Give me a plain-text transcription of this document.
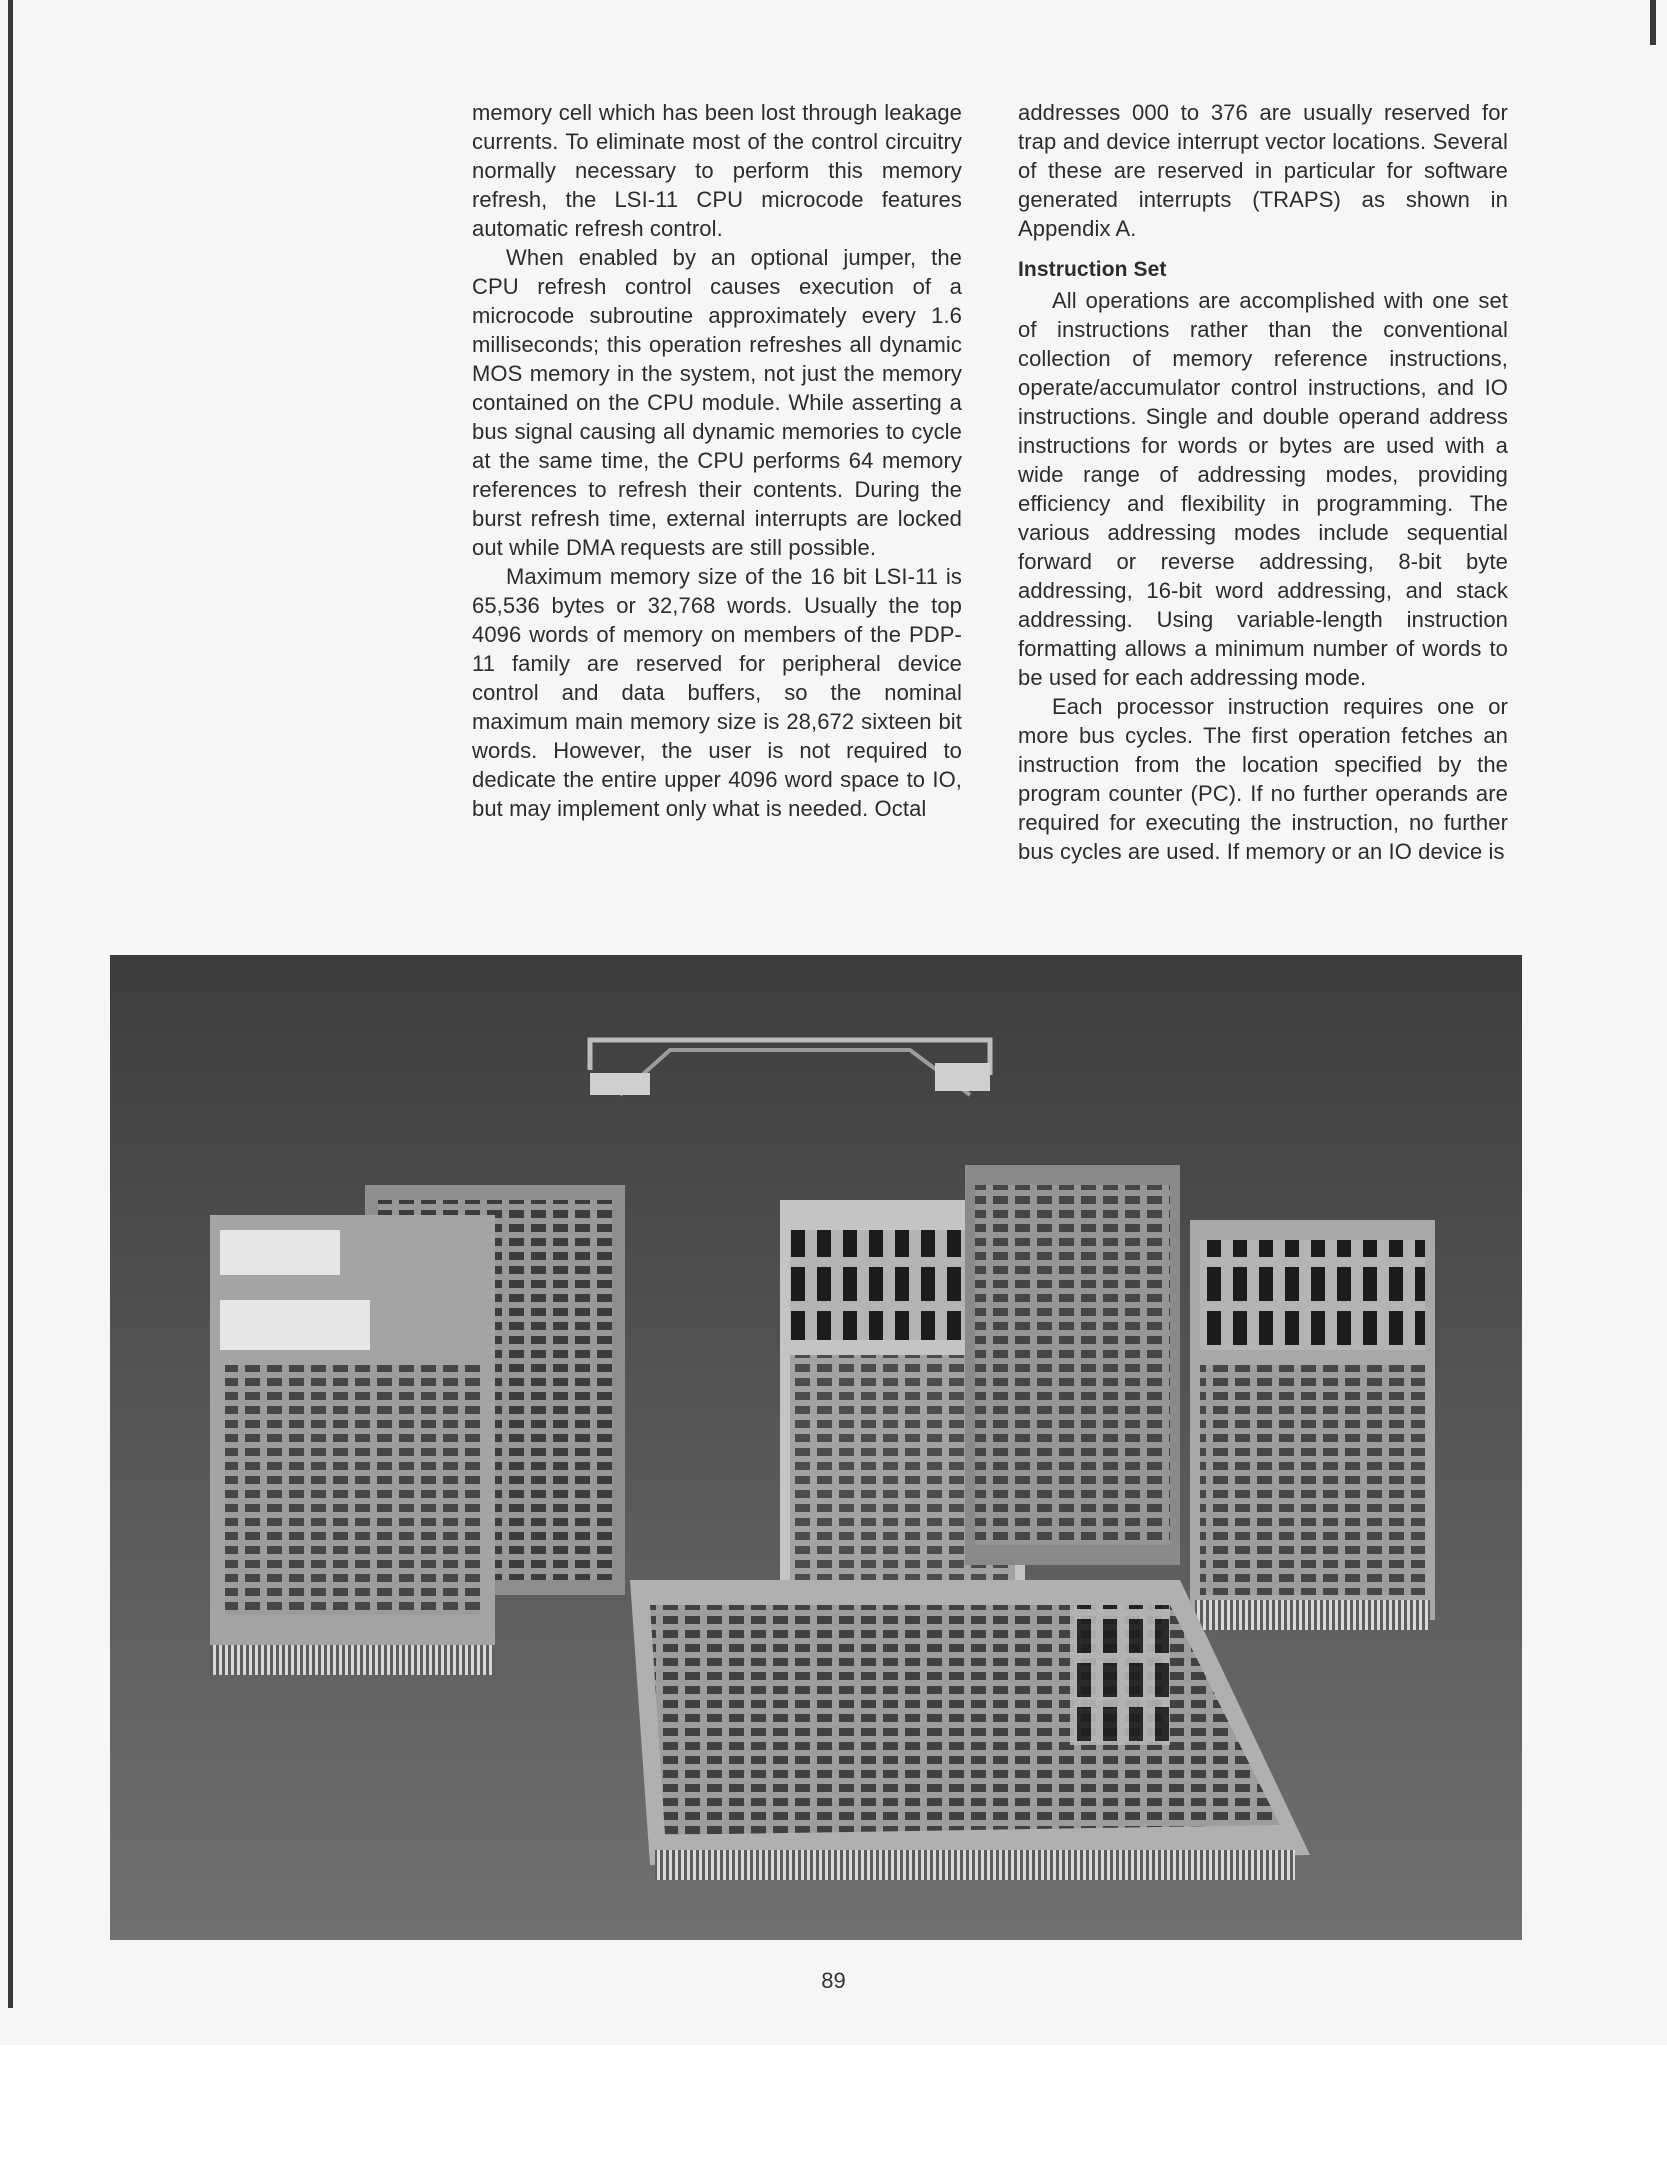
memory cell which has been lost through leakage currents. To eliminate most of the control circuitry normally necessary to perform this memory refresh, the LSI-11 CPU microcode features automatic refresh control.

When enabled by an optional jumper, the CPU refresh control causes execution of a microcode subroutine approximately every 1.6 milliseconds; this operation refreshes all dynamic MOS memory in the system, not just the memory contained on the CPU module. While asserting a bus signal causing all dynamic memories to cycle at the same time, the CPU performs 64 memory references to refresh their contents. During the burst refresh time, external interrupts are locked out while DMA requests are still possible.

Maximum memory size of the 16 bit LSI-11 is 65,536 bytes or 32,768 words. Usually the top 4096 words of memory on members of the PDP-11 family are reserved for peripheral device control and data buffers, so the nominal maximum main memory size is 28,672 sixteen bit words. However, the user is not required to dedicate the entire upper 4096 word space to IO, but may implement only what is needed. Octal

addresses 000 to 376 are usually reserved for trap and device interrupt vector locations. Several of these are reserved in particular for software generated interrupts (TRAPS) as shown in Appendix A.

Instruction Set

All operations are accomplished with one set of instructions rather than the conventional collection of memory reference instructions, operate/accumulator control instructions, and IO instructions. Single and double operand address instructions for words or bytes are used with a wide range of addressing modes, providing efficiency and flexibility in programming. The various addressing modes include sequential forward or reverse addressing, 8-bit byte addressing, 16-bit word addressing, and stack addressing. Using variable-length instruction formatting allows a minimum number of words to be used for each addressing mode.

Each processor instruction requires one or more bus cycles. The first operation fetches an instruction from the location specified by the program counter (PC). If no further operands are required for executing the instruction, no further bus cycles are used. If memory or an IO device is

89
